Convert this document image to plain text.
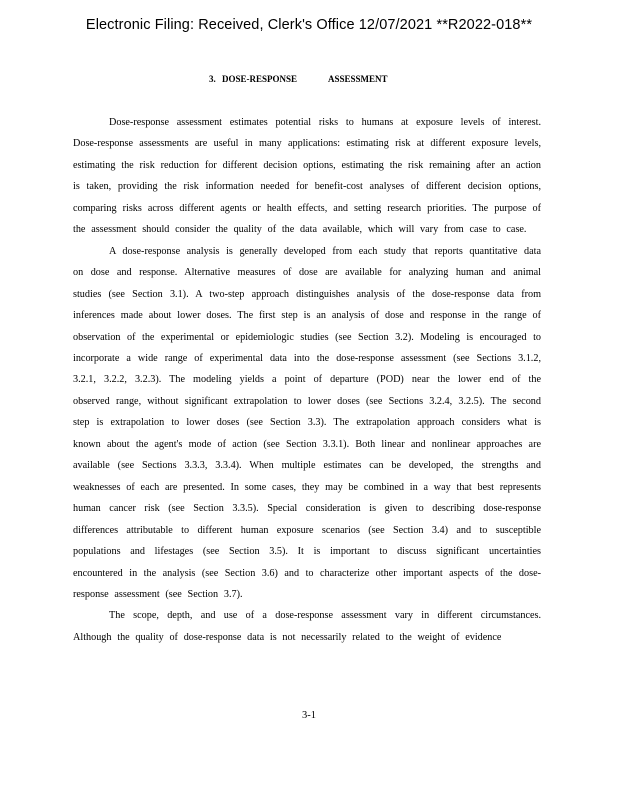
Electronic Filing: Received, Clerk's Office 12/07/2021 **R2022-018**
3. DOSE-RESPONSE	ASSESSMENT

Dose-response assessment estimates potential risks to humans at exposure levels of interest. Dose-response assessments are useful in many applications: estimating risk at different exposure levels, estimating the risk reduction for different decision options, estimating the risk remaining after an action is taken, providing the risk information needed for benefit-cost analyses of different decision options, comparing risks across different agents or health effects, and setting research priorities. The purpose of the assessment should consider the quality of the data available, which will vary from case to case.

A dose-response analysis is generally developed from each study that reports quantitative data on dose and response. Alternative measures of dose are available for analyzing human and animal studies (see Section 3.1). A two-step approach distinguishes analysis of the dose-response data from inferences made about lower doses. The first step is an analysis of dose and response in the range of observation of the experimental or epidemiologic studies (see Section 3.2). Modeling is encouraged to incorporate a wide range of experimental data into the dose-response assessment (see Sections 3.1.2, 3.2.1, 3.2.2, 3.2.3). The modeling yields a point of departure (POD) near the lower end of the observed range, without significant extrapolation to lower doses (see Sections 3.2.4, 3.2.5). The second step is extrapolation to lower doses (see Section 3.3). The extrapolation approach considers what is known about the agent's mode of action (see Section 3.3.1). Both linear and nonlinear approaches are available (see Sections 3.3.3, 3.3.4). When multiple estimates can be developed, the strengths and weaknesses of each are presented. In some cases, they may be combined in a way that best represents human cancer risk (see Section 3.3.5). Special consideration is given to describing dose-response differences attributable to different human exposure scenarios (see Section 3.4) and to susceptible populations and lifestages (see Section 3.5). It is important to discuss significant uncertainties encountered in the analysis (see Section 3.6) and to characterize other important aspects of the dose-response assessment (see Section 3.7).

The scope, depth, and use of a dose-response assessment vary in different circumstances. Although the quality of dose-response data is not necessarily related to the weight of evidence

3-1
